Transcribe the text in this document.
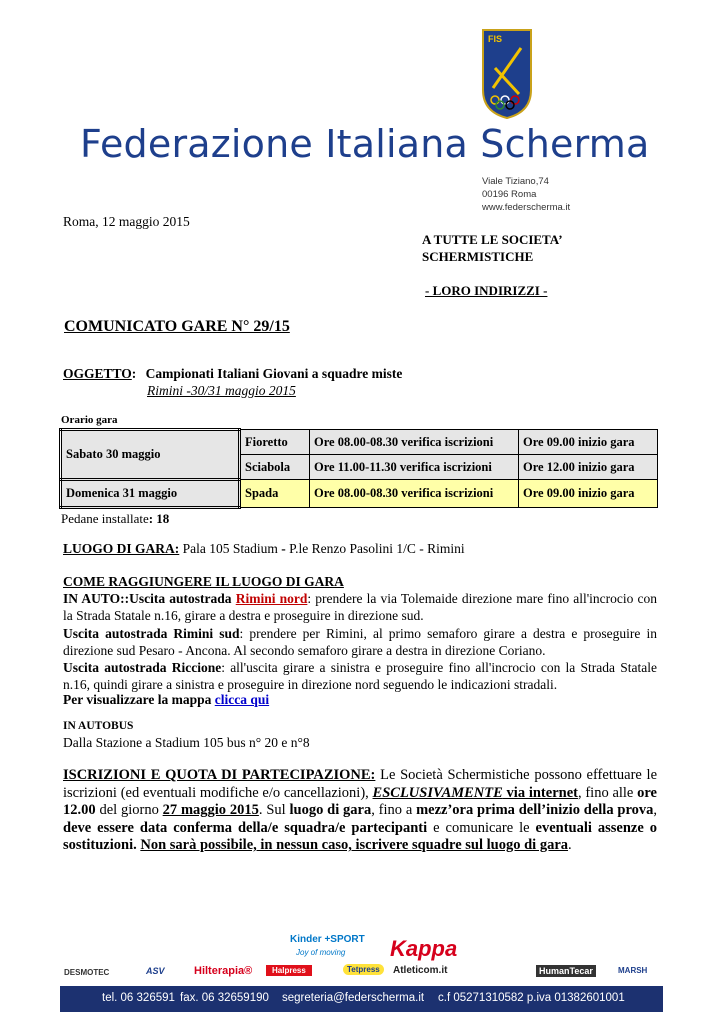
FIS
Federazione Italiana Scherma
Viale Tiziano,74
00196 Roma
www.federscherma.it
Roma, 12 maggio 2015
A TUTTE LE SOCIETA’
SCHERMISTICHE
- LORO INDIRIZZI -
COMUNICATO GARE N° 29/15
OGGETTO: Campionati Italiani Giovani a squadre miste
Rimini -30/31 maggio 2015
Orario gara
Sabato 30 maggio	Fioretto	Ore 08.00-08.30 verifica iscrizioni	Ore 09.00 inizio gara
	Sciabola	Ore 11.00-11.30 verifica iscrizioni	Ore 12.00 inizio gara
Domenica 31 maggio	Spada	Ore 08.00-08.30 verifica iscrizioni	Ore 09.00 inizio gara
Pedane installate: 18
LUOGO DI GARA: Pala 105 Stadium - P.le Renzo Pasolini 1/C - Rimini
COME RAGGIUNGERE IL LUOGO DI GARA
IN AUTO::Uscita autostrada Rimini nord: prendere la via Tolemaide direzione mare fino all'incrocio con la Strada Statale n.16, girare a destra e proseguire in direzione sud.
Uscita autostrada Rimini sud: prendere per Rimini, al primo semaforo girare a destra e proseguire in direzione sud Pesaro - Ancona. Al secondo semaforo girare a destra in direzione Coriano.
Uscita autostrada Riccione: all'uscita girare a sinistra e proseguire fino all'incrocio con la Strada Statale n.16, quindi girare a sinistra e proseguire in direzione nord seguendo le indicazioni stradali.
Per visualizzare la mappa clicca qui
IN AUTOBUS
Dalla Stazione a Stadium 105 bus n° 20 e n°8
ISCRIZIONI E QUOTA DI PARTECIPAZIONE: Le Società Schermistiche possono effettuare le iscrizioni (ed eventuali modifiche e/o cancellazioni), ESCLUSIVAMENTE via internet, fino alle ore 12.00 del giorno 27 maggio 2015. Sul luogo di gara, fino a mezz’ora prima dell’inizio della prova, deve essere data conferma della/e squadra/e partecipanti e comunicare le eventuali assenze o sostituzioni. Non sarà possibile, in nessun caso, iscrivere squadre sul luogo di gara.
Kinder +SPORT
Joy of moving Kappa
DESMOTEC	ASV	Hilterapia®	Halpress	Tetpress	Atleticom.it	HumanTecar	MARSH
tel. 06 326591 fax. 06 32659190 segreteria@federscherma.it c.f 05271310582 p.iva 01382601001
